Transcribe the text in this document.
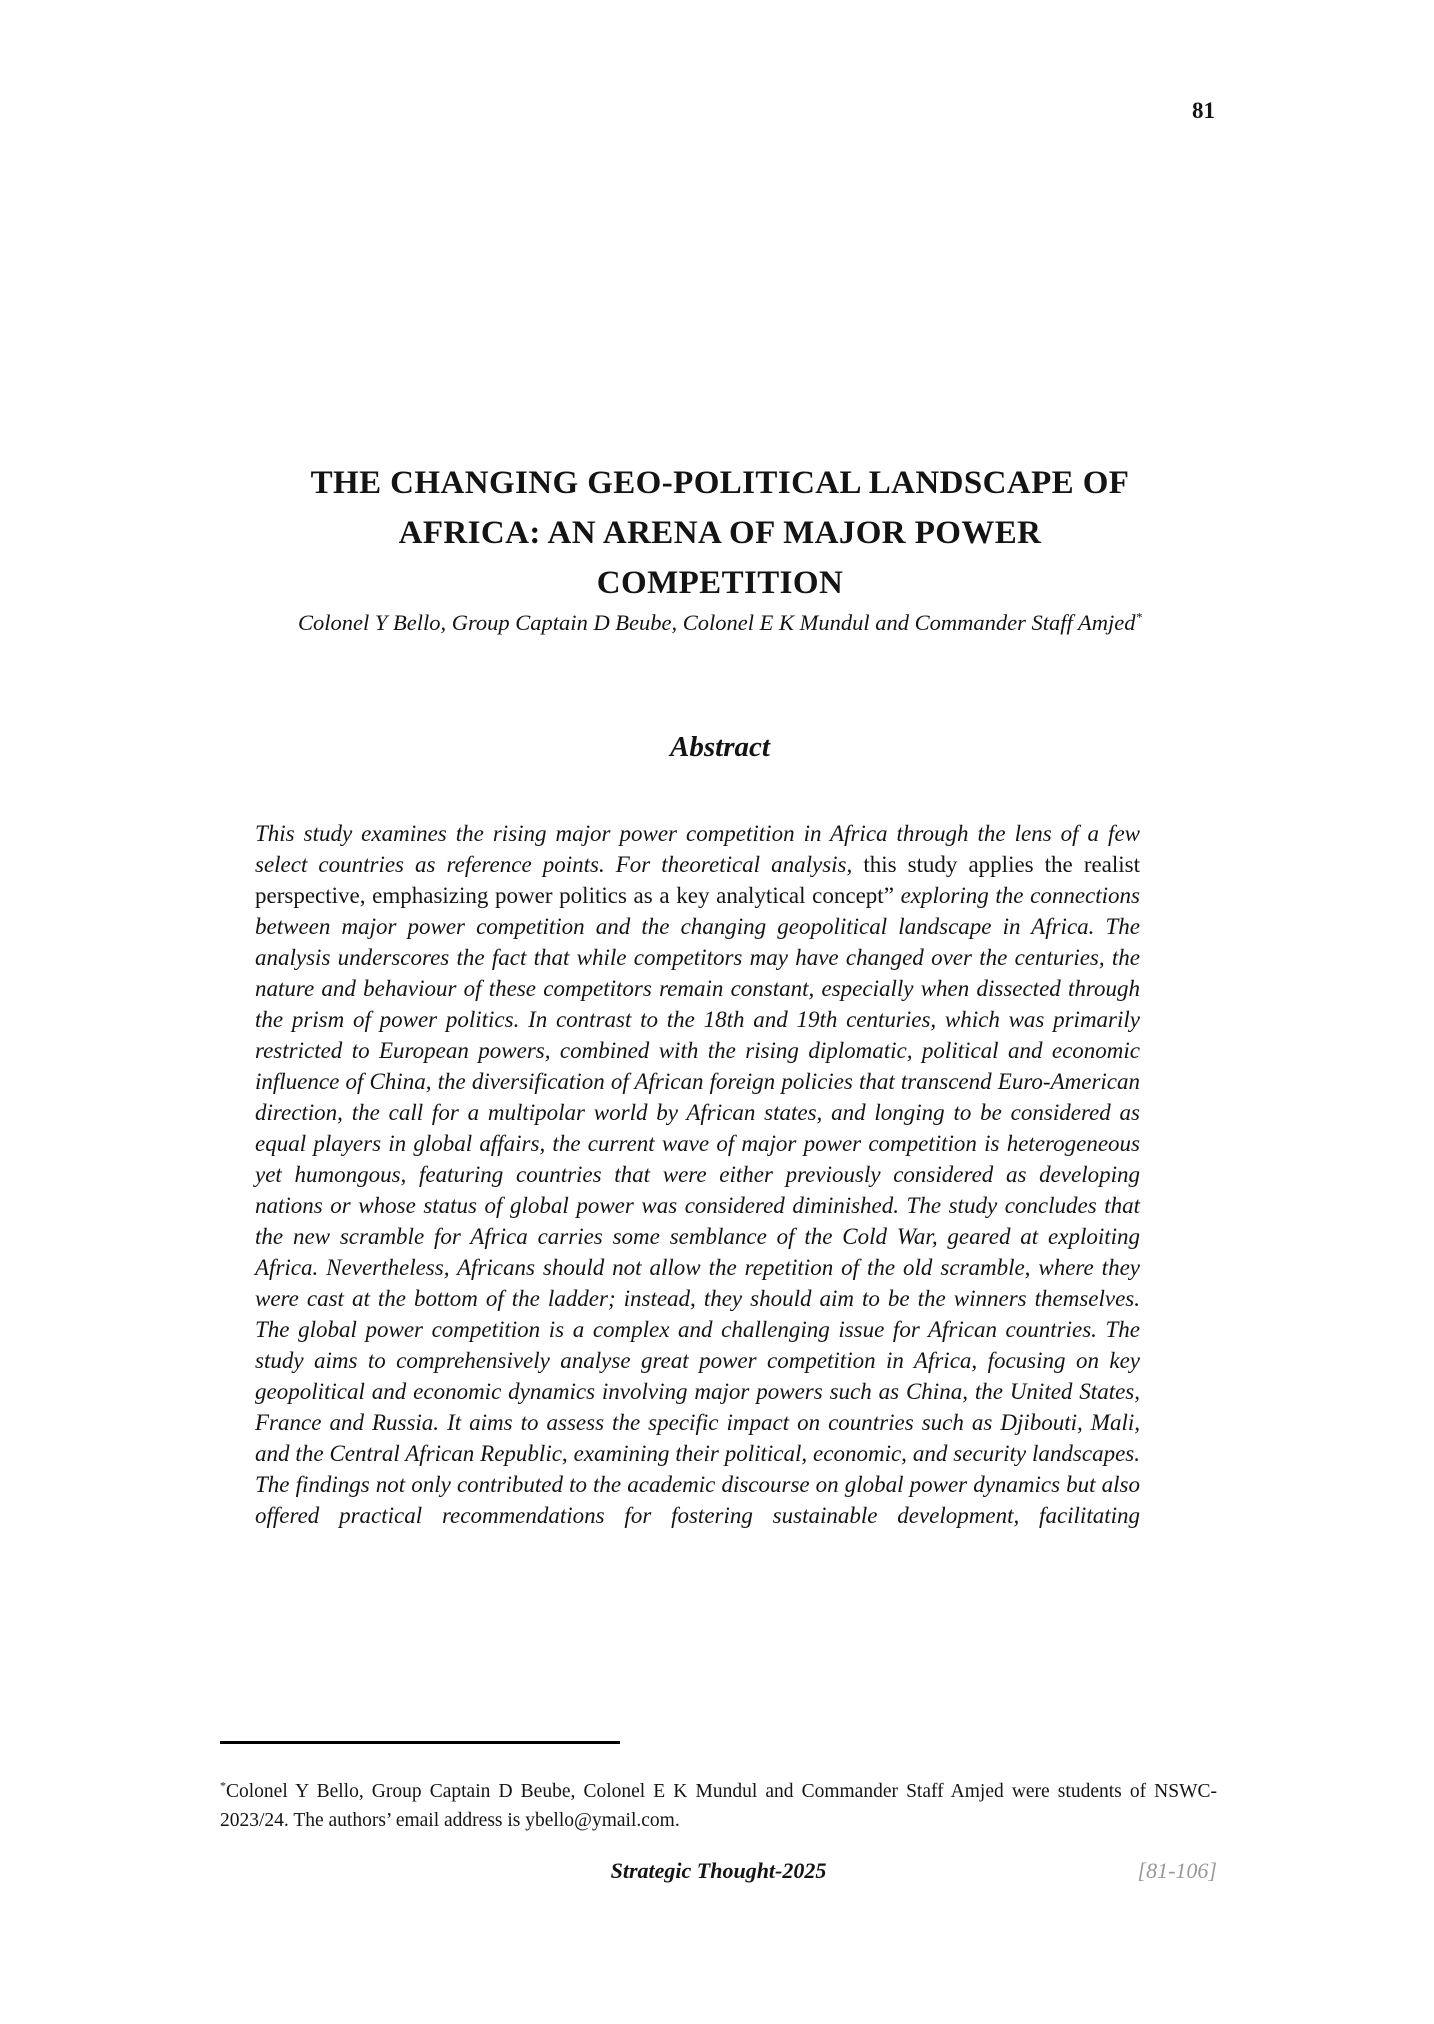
81
THE CHANGING GEO-POLITICAL LANDSCAPE OF
AFRICA: AN ARENA OF MAJOR POWER
COMPETITION
Colonel Y Bello, Group Captain D Beube, Colonel E K Mundul and Commander Staff Amjed*
Abstract

This study examines the rising major power competition in Africa through the lens of a few select countries as reference points. For theoretical analysis, this study applies the realist perspective, emphasizing power politics as a key analytical concept” exploring the connections between major power competition and the changing geopolitical landscape in Africa. The analysis underscores the fact that while competitors may have changed over the centuries, the nature and behaviour of these competitors remain constant, especially when dissected through the prism of power politics. In contrast to the 18th and 19th centuries, which was primarily restricted to European powers, combined with the rising diplomatic, political and economic influence of China, the diversification of African foreign policies that transcend Euro-American direction, the call for a multipolar world by African states, and longing to be considered as equal players in global affairs, the current wave of major power competition is heterogeneous yet humongous, featuring countries that were either previously considered as developing nations or whose status of global power was considered diminished. The study concludes that the new scramble for Africa carries some semblance of the Cold War, geared at exploiting Africa. Nevertheless, Africans should not allow the repetition of the old scramble, where they were cast at the bottom of the ladder; instead, they should aim to be the winners themselves. The global power competition is a complex and challenging issue for African countries. The study aims to comprehensively analyse great power competition in Africa, focusing on key geopolitical and economic dynamics involving major powers such as China, the United States, France and Russia. It aims to assess the specific impact on countries such as Djibouti, Mali, and the Central African Republic, examining their political, economic, and security landscapes. The findings not only contributed to the academic discourse on global power dynamics but also offered practical recommendations for fostering sustainable development, facilitating

*Colonel Y Bello, Group Captain D Beube, Colonel E K Mundul and Commander Staff Amjed were students of NSWC-2023/24. The authors’ email address is ybello@ymail.com.

Strategic Thought-2025	[81-106]
